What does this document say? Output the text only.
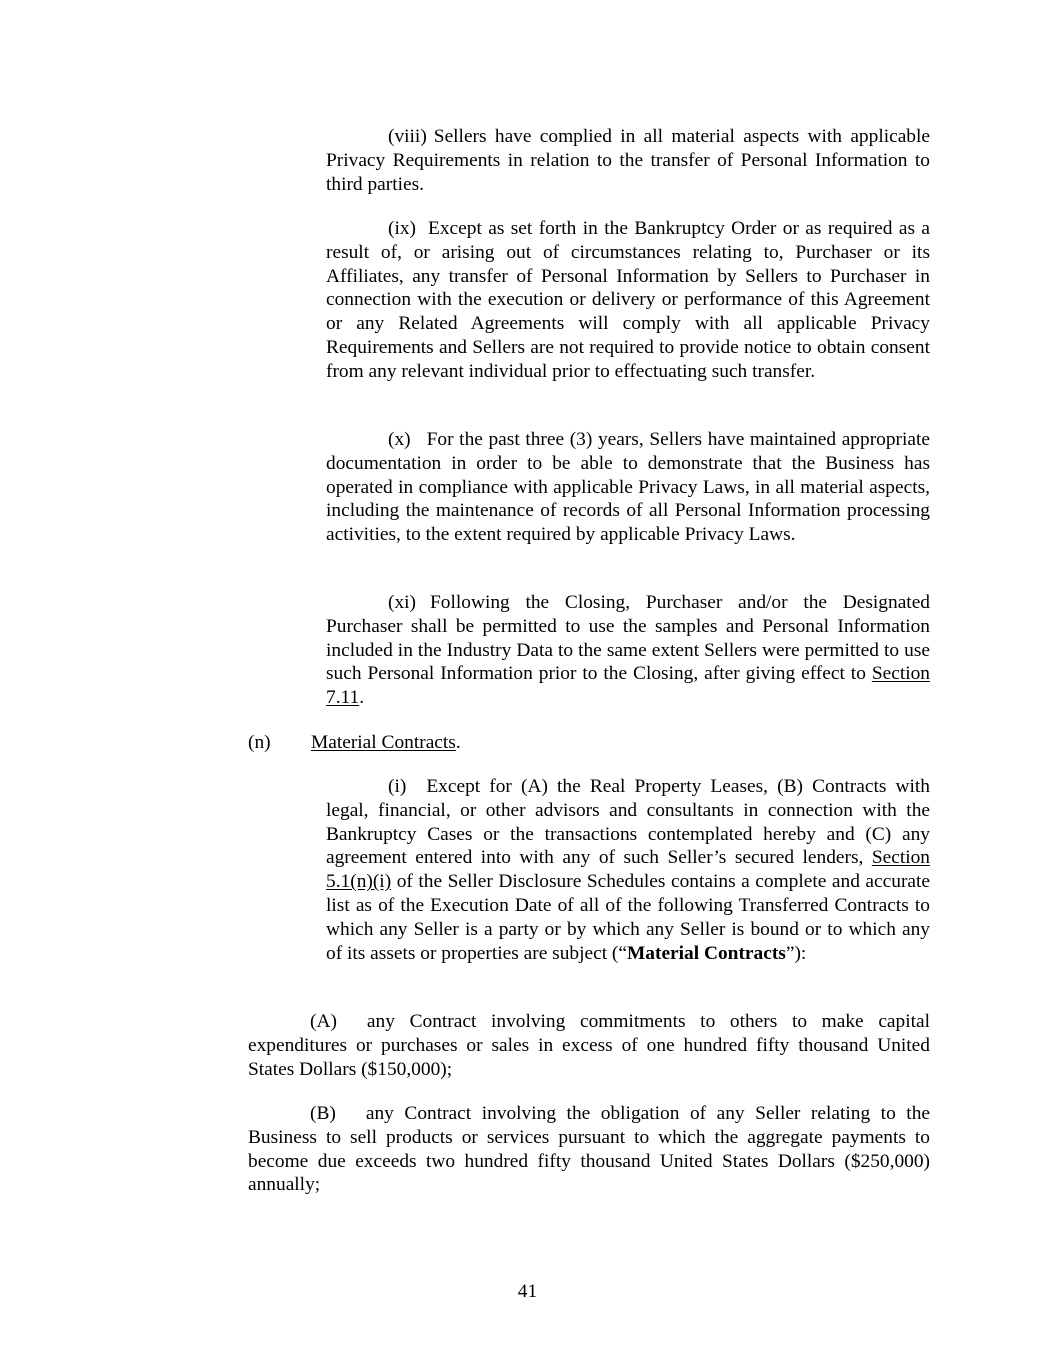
(viii) Sellers have complied in all material aspects with applicable Privacy Requirements in relation to the transfer of Personal Information to third parties.

(ix) Except as set forth in the Bankruptcy Order or as required as a result of, or arising out of circumstances relating to, Purchaser or its Affiliates, any transfer of Personal Information by Sellers to Purchaser in connection with the execution or delivery or performance of this Agreement or any Related Agreements will comply with all applicable Privacy Requirements and Sellers are not required to provide notice to obtain consent from any relevant individual prior to effectuating such transfer.

(x) For the past three (3) years, Sellers have maintained appropriate documentation in order to be able to demonstrate that the Business has operated in compliance with applicable Privacy Laws, in all material aspects, including the maintenance of records of all Personal Information processing activities, to the extent required by applicable Privacy Laws.

(xi) Following the Closing, Purchaser and/or the Designated Purchaser shall be permitted to use the samples and Personal Information included in the Industry Data to the same extent Sellers were permitted to use such Personal Information prior to the Closing, after giving effect to Section 7.11.

(n) Material Contracts.

(i) Except for (A) the Real Property Leases, (B) Contracts with legal, financial, or other advisors and consultants in connection with the Bankruptcy Cases or the transactions contemplated hereby and (C) any agreement entered into with any of such Seller’s secured lenders, Section 5.1(n)(i) of the Seller Disclosure Schedules contains a complete and accurate list as of the Execution Date of all of the following Transferred Contracts to which any Seller is a party or by which any Seller is bound or to which any of its assets or properties are subject (“Material Contracts”):

(A) any Contract involving commitments to others to make capital expenditures or purchases or sales in excess of one hundred fifty thousand United States Dollars ($150,000);

(B) any Contract involving the obligation of any Seller relating to the Business to sell products or services pursuant to which the aggregate payments to become due exceeds two hundred fifty thousand United States Dollars ($250,000) annually;

41
